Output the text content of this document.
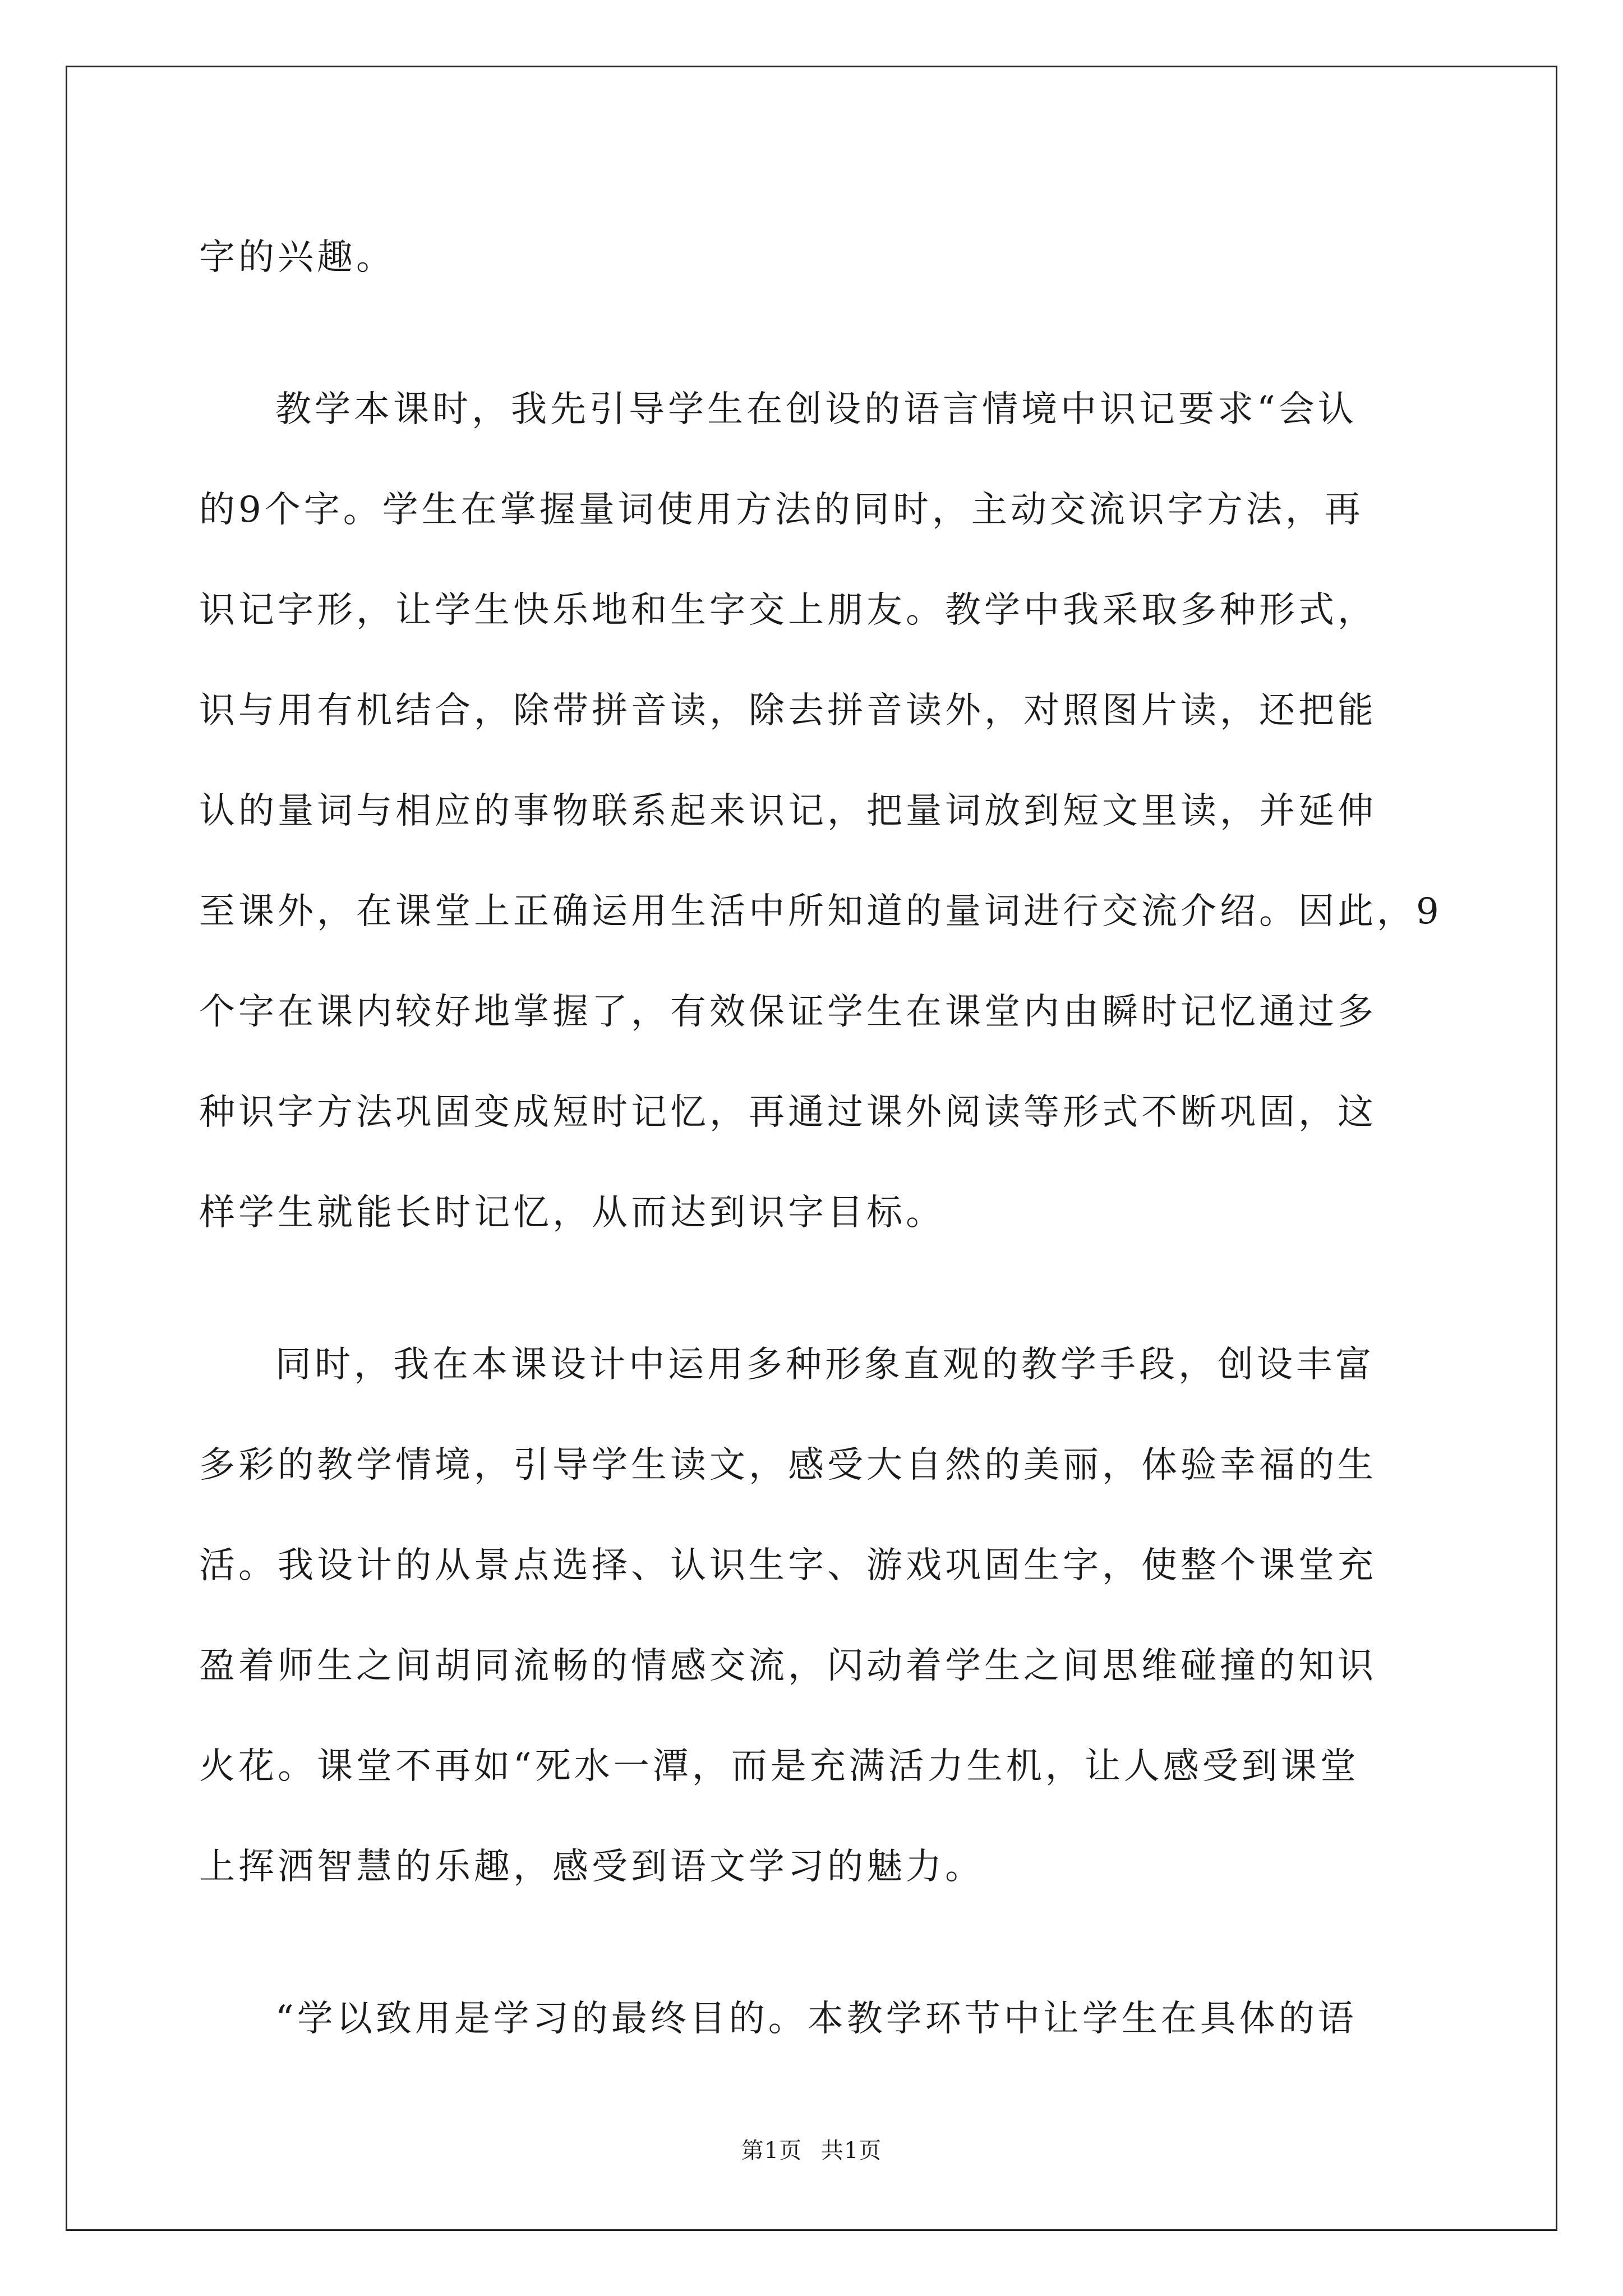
字的兴趣。
教学本课时，我先引导学生在创设的语言情境中识记要求“会认
的9个字。学生在掌握量词使用方法的同时，主动交流识字方法，再
识记字形，让学生快乐地和生字交上朋友。教学中我采取多种形式，
识与用有机结合，除带拼音读，除去拼音读外，对照图片读，还把能
认的量词与相应的事物联系起来识记，把量词放到短文里读，并延伸
至课外，在课堂上正确运用生活中所知道的量词进行交流介绍。因此，9
个字在课内较好地掌握了，有效保证学生在课堂内由瞬时记忆通过多
种识字方法巩固变成短时记忆，再通过课外阅读等形式不断巩固，这
样学生就能长时记忆，从而达到识字目标。
同时，我在本课设计中运用多种形象直观的教学手段，创设丰富
多彩的教学情境，引导学生读文，感受大自然的美丽，体验幸福的生
活。我设计的从景点选择、认识生字、游戏巩固生字，使整个课堂充
盈着师生之间胡同流畅的情感交流，闪动着学生之间思维碰撞的知识
火花。课堂不再如“死水一潭，而是充满活力生机，让人感受到课堂
上挥洒智慧的乐趣，感受到语文学习的魅力。
“学以致用是学习的最终目的。本教学环节中让学生在具体的语
第1页 共1页
